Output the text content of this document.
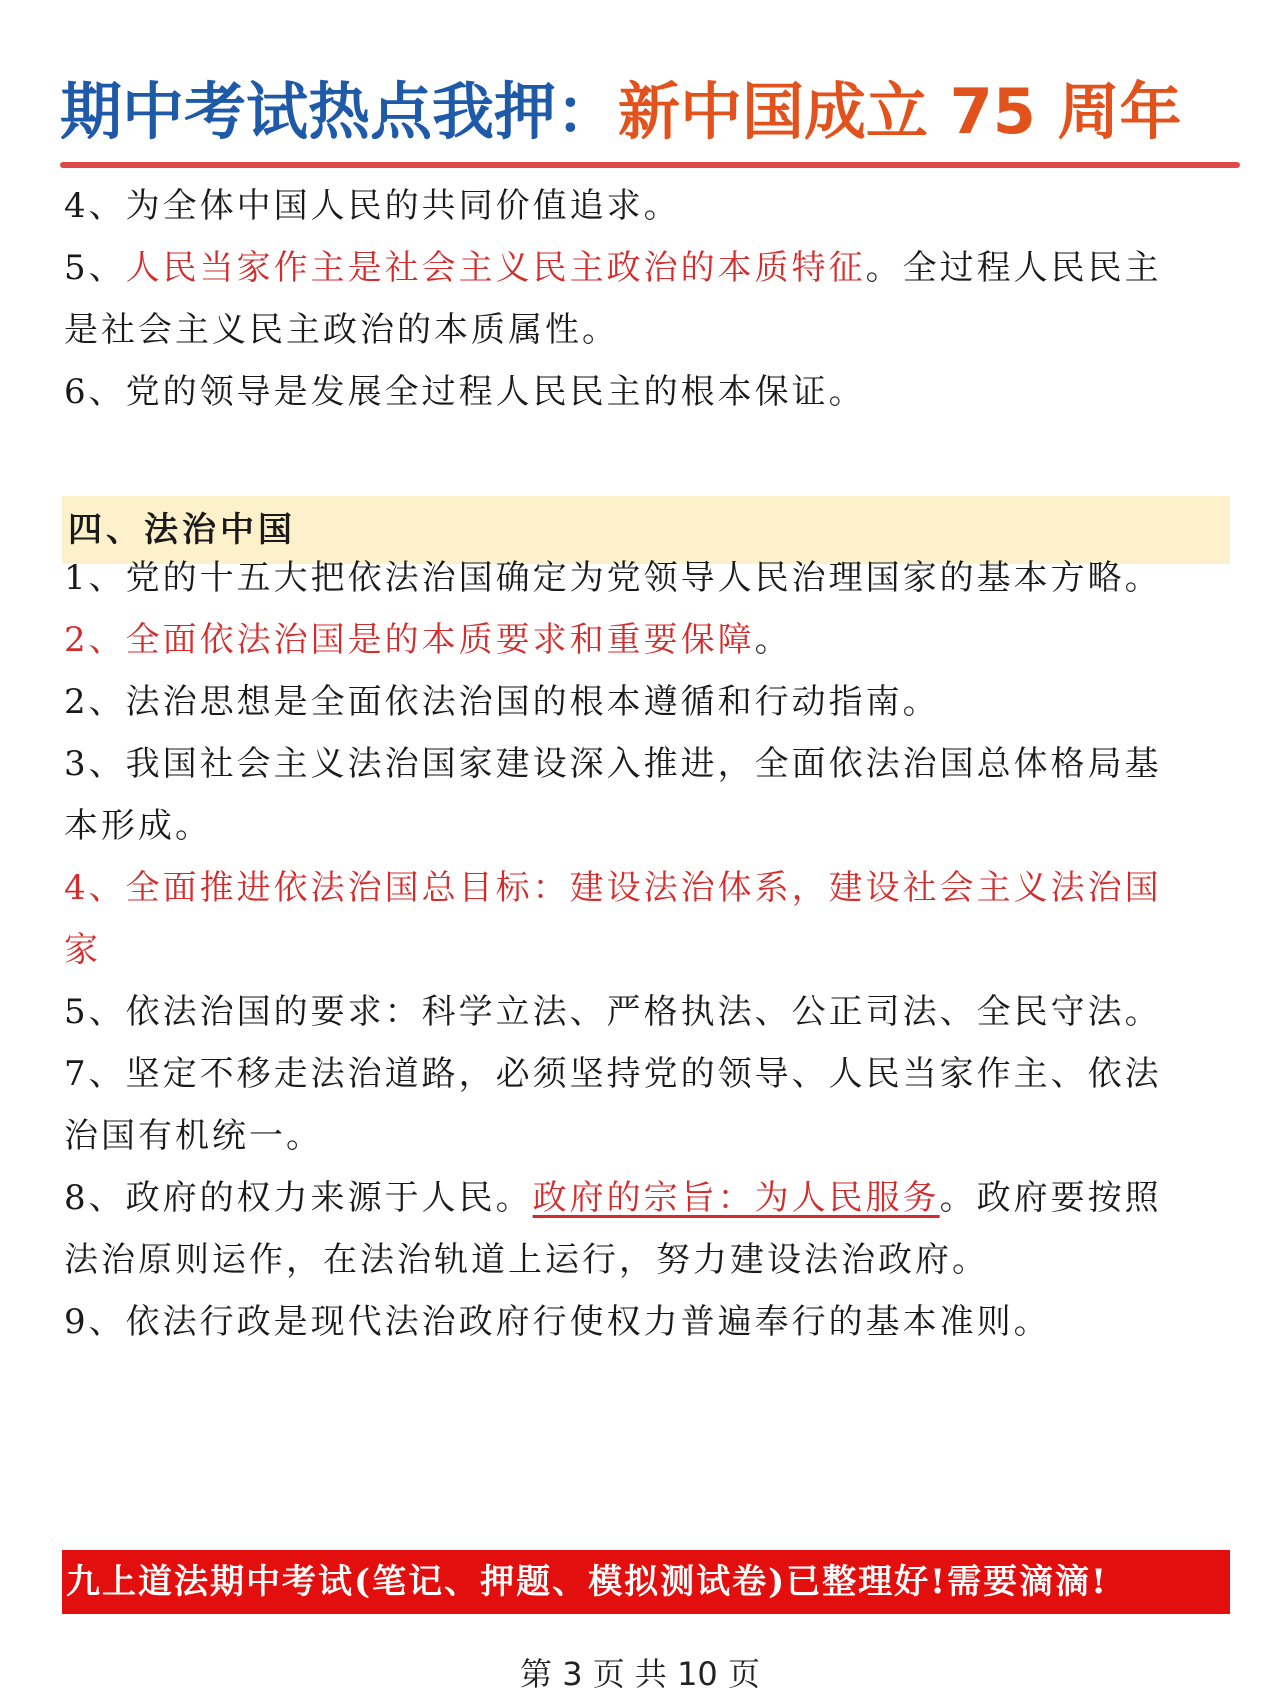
期中考试热点我押：新中国成立 75 周年
4、为全体中国人民的共同价值追求。
5、人民当家作主是社会主义民主政治的本质特征。全过程人民民主
是社会主义民主政治的本质属性。
6、党的领导是发展全过程人民民主的根本保证。
四、法治中国
1、党的十五大把依法治国确定为党领导人民治理国家的基本方略。
2、全面依法治国是的本质要求和重要保障。
2、法治思想是全面依法治国的根本遵循和行动指南。
3、我国社会主义法治国家建设深入推进，全面依法治国总体格局基
本形成。
4、全面推进依法治国总目标：建设法治体系，建设社会主义法治国
家
5、依法治国的要求：科学立法、严格执法、公正司法、全民守法。
7、坚定不移走法治道路，必须坚持党的领导、人民当家作主、依法
治国有机统一。
8、政府的权力来源于人民。政府的宗旨：为人民服务。政府要按照
法治原则运作，在法治轨道上运行，努力建设法治政府。
9、依法行政是现代法治政府行使权力普遍奉行的基本准则。
九上道法期中考试(笔记、押题、模拟测试卷)已整理好!需要滴滴!
第 3 页 共 10 页
